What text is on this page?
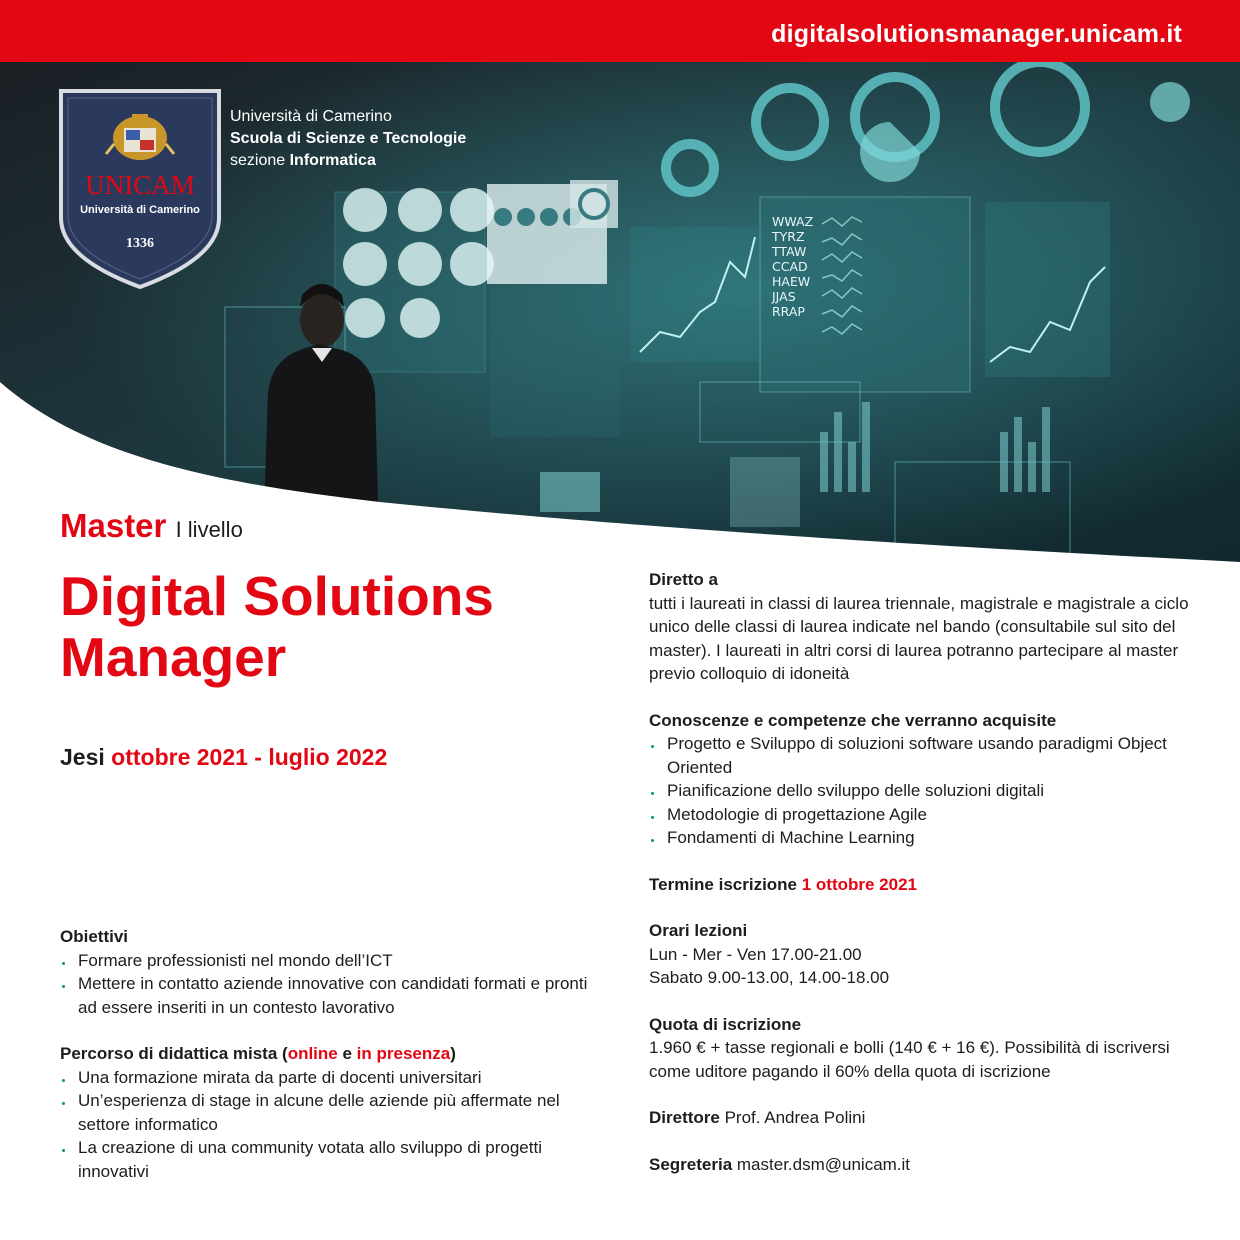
digitalsolutionsmanager.unicam.it
WWAZ
TYRZ
TTAW
CCAD
HAEW
JJAS
RRAP
UNICAM
Università di Camerino
1336
Università di Camerino
Scuola di Scienze e Tecnologie
sezione Informatica
Master I livello
Digital Solutions Manager
Jesi ottobre 2021 - luglio 2022
Obiettivi
Formare professionisti nel mondo dell’ICT
Mettere in contatto aziende innovative con candidati formati e pronti ad essere inseriti in un contesto lavorativo
Percorso di didattica mista (online e in presenza)
Una formazione mirata da parte di docenti universitari
Un’esperienza di stage in alcune delle aziende più affermate nel settore informatico
La creazione di una community votata allo sviluppo di progetti innovativi
Diretto a
tutti i laureati in classi di laurea triennale, magistrale e magistrale a ciclo unico delle classi di laurea indicate nel bando (consultabile sul sito del master). I laureati in altri corsi di laurea potranno partecipare al master previo colloquio di idoneità
Conoscenze e competenze che verranno acquisite
Progetto e Sviluppo di soluzioni software usando paradigmi Object Oriented
Pianificazione dello sviluppo delle soluzioni digitali
Metodologie di progettazione Agile
Fondamenti di Machine Learning
Termine iscrizione 1 ottobre 2021
Orari lezioni
Lun - Mer - Ven 17.00-21.00
Sabato 9.00-13.00, 14.00-18.00
Quota di iscrizione
1.960 € + tasse regionali e bolli (140 € + 16 €). Possibilità di iscriversi come uditore pagando il 60% della quota di iscrizione
Direttore Prof. Andrea Polini
Segreteria master.dsm@unicam.it
